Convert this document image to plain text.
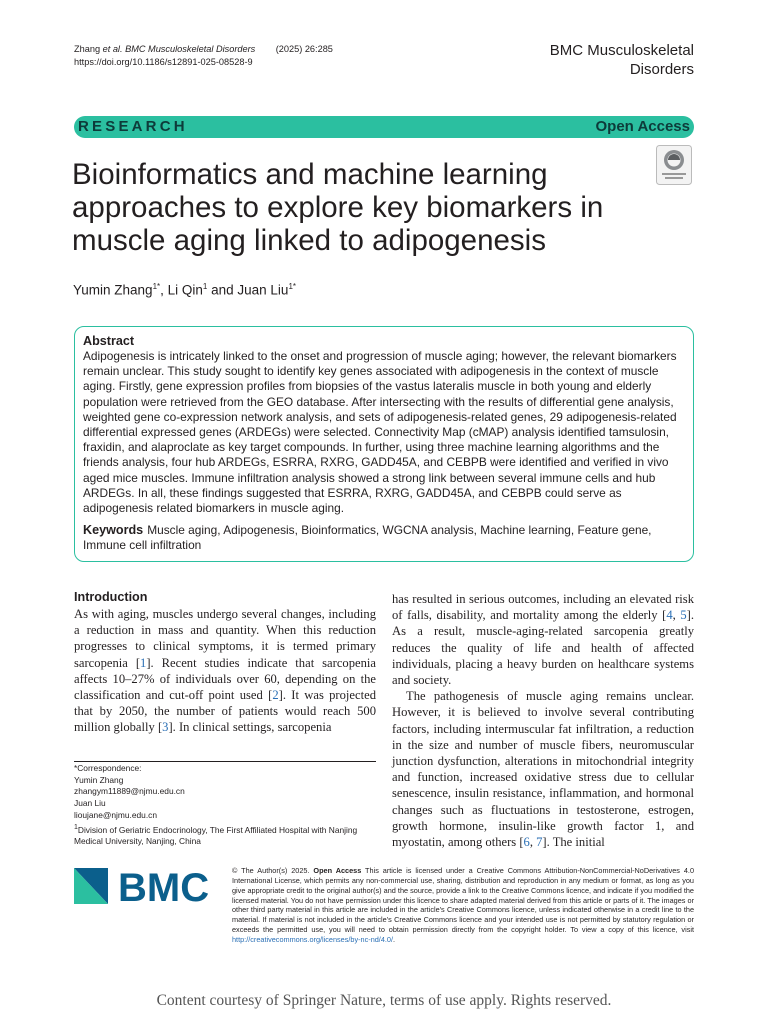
Zhang et al. BMC Musculoskeletal Disorders (2025) 26:285
https://doi.org/10.1186/s12891-025-08528-9
BMC Musculoskeletal
Disorders
RESEARCH	Open Access
Bioinformatics and machine learning approaches to explore key biomarkers in muscle aging linked to adipogenesis
Yumin Zhang$^{1*}$, Li Qin$^1$ and Juan Liu$^{1*}$
Abstract

Adipogenesis is intricately linked to the onset and progression of muscle aging; however, the relevant biomarkers remain unclear. This study sought to identify key genes associated with adipogenesis in the context of muscle aging. Firstly, gene expression profiles from biopsies of the vastus lateralis muscle in both young and elderly population were retrieved from the GEO database. After intersecting with the results of differential gene analysis, weighted gene co-expression network analysis, and sets of adipogenesis-related genes, 29 adipogenesis-related differential expressed genes (ARDEGs) were selected. Connectivity Map (cMAP) analysis identified tamsulosin, fraxidin, and alaproclate as key target compounds. In further, using three machine learning algorithms and the friends analysis, four hub ARDEGs, ESRRA, RXRG, GADD45A, and CEBPB were identified and verified in vivo aged mice muscles. Immune infiltration analysis showed a strong link between several immune cells and hub ARDEGs. In all, these findings suggested that ESRRA, RXRG, GADD45A, and CEBPB could serve as adipogenesis related biomarkers in muscle aging.

Keywords Muscle aging, Adipogenesis, Bioinformatics, WGCNA analysis, Machine learning, Feature gene, Immune cell infiltration

Introduction

As with aging, muscles undergo several changes, including a reduction in mass and quantity. When this reduction progresses to clinical symptoms, it is termed primary sarcopenia [1]. Recent studies indicate that sarcopenia affects 10–27% of individuals over 60, depending on the classification and cut-off point used [2]. It was projected that by 2050, the number of patients would reach 500 million globally [3]. In clinical settings, sarcopenia

*Correspondence:
Yumin Zhang
zhangym11889@njmu.edu.cn
Juan Liu
lioujane@njmu.edu.cn
$^1$Division of Geriatric Endocrinology, The First Affiliated Hospital with Nanjing Medical University, Nanjing, China

has resulted in serious outcomes, including an elevated risk of falls, disability, and mortality among the elderly [4, 5]. As a result, muscle-aging-related sarcopenia greatly reduces the quality of life and health of affected individuals, placing a heavy burden on healthcare systems and society.

The pathogenesis of muscle aging remains unclear. However, it is believed to involve several contributing factors, including intermuscular fat infiltration, a reduction in the size and number of muscle fibers, neuromuscular junction dysfunction, alterations in mitochondrial integrity and function, increased oxidative stress due to cellular senescence, insulin resistance, inflammation, and hormonal changes such as fluctuations in testosterone, estrogen, growth hormone, insulin-like growth factor 1, and myostatin, among others [6, 7]. The initial

BMC	© The Author(s) 2025. Open Access This article is licensed under a Creative Commons Attribution-NonCommercial-NoDerivatives 4.0 International License, which permits any non-commercial use, sharing, distribution and reproduction in any medium or format, as long as you give appropriate credit to the original author(s) and the source, provide a link to the Creative Commons licence, and indicate if you modified the licensed material. You do not have permission under this licence to share adapted material derived from this article or parts of it. The images or other third party material in this article are included in the article's Creative Commons licence, unless indicated otherwise in a credit line to the material. If material is not included in the article's Creative Commons licence and your intended use is not permitted by statutory regulation or exceeds the permitted use, you will need to obtain permission directly from the copyright holder. To view a copy of this licence, visit http://creativecommons.org/licenses/by-nc-nd/4.0/.
Content courtesy of Springer Nature, terms of use apply. Rights reserved.
